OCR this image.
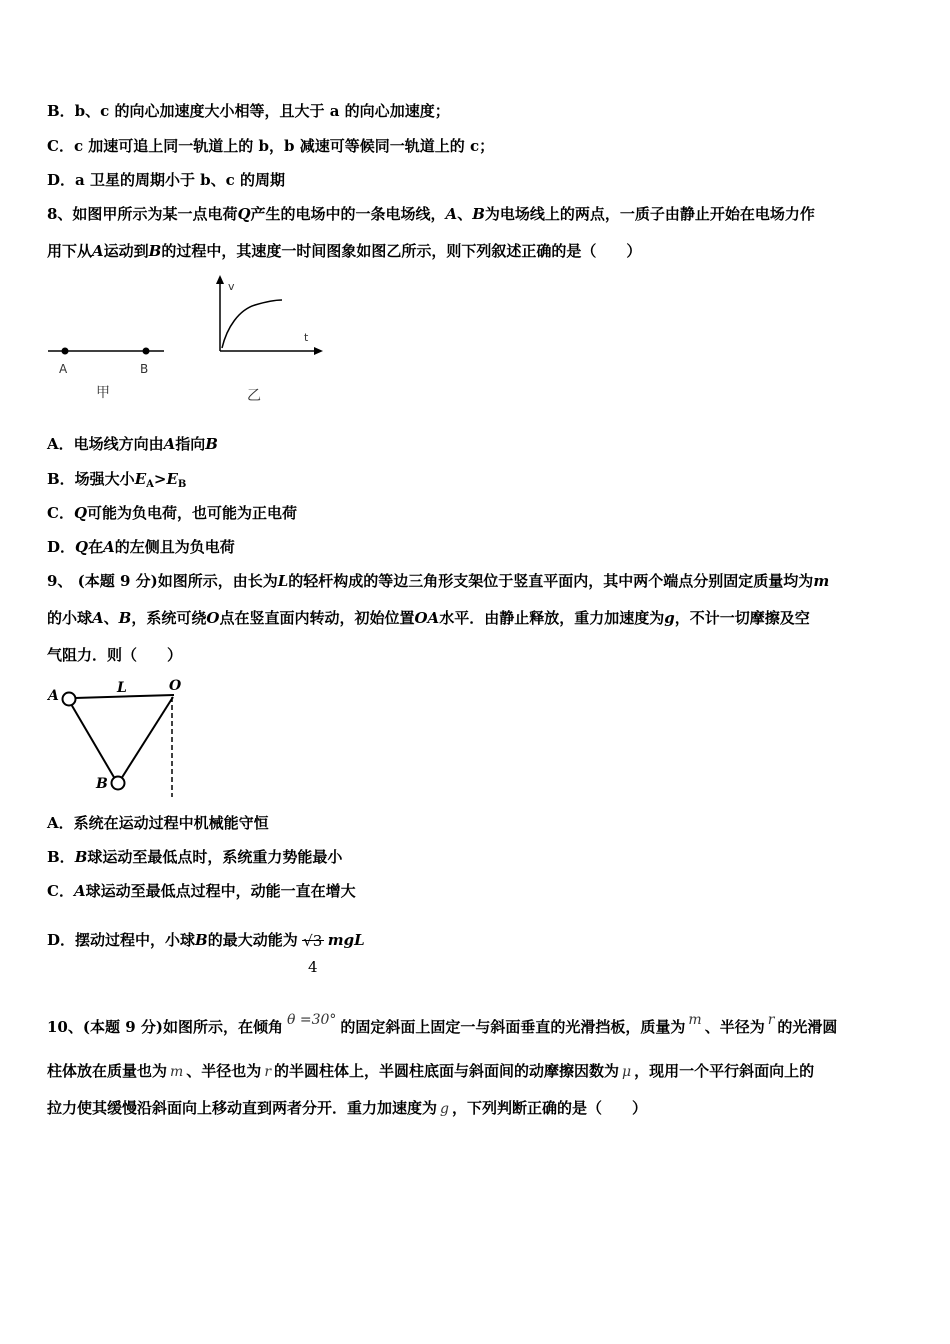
B．b、c 的向心加速度大小相等，且大于 a 的向心加速度；
C．c 加速可追上同一轨道上的 b，b 减速可等候同一轨道上的 c；
D．a 卫星的周期小于 b、c 的周期
8、如图甲所示为某一点电荷Q产生的电场中的一条电场线，A、B为电场线上的两点，一质子由静止开始在电场力作
用下从A运动到B的过程中，其速度一时间图象如图乙所示，则下列叙述正确的是（　　）
A	B
甲
v
t
乙
A．电场线方向由A指向B
B．场强大小$E_A>E_B$
C．Q可能为负电荷，也可能为正电荷
D．Q在A的左侧且为负电荷
9、 (本题 9 分)如图所示，由长为L的轻杆构成的等边三角形支架位于竖直平面内，其中两个端点分别固定质量均为m
的小球A、B，系统可绕O点在竖直面内转动，初始位置OA水平．由静止释放，重力加速度为g，不计一切摩擦及空
气阻力．则（　　）
A	L	O
B
A．系统在运动过程中机械能守恒
B．B球运动至最低点时，系统重力势能最小
C．A球运动至最低点过程中，动能一直在增大
D．摆动过程中，小球B的最大动能为 √3
4
mgL
10、(本题 9 分)如图所示，在倾角 θ =30° 的固定斜面上固定一与斜面垂直的光滑挡板，质量为 m 、半径为 r 的光滑圆
柱体放在质量也为 m 、半径也为 r 的半圆柱体上，半圆柱底面与斜面间的动摩擦因数为 μ ，现用一个平行斜面向上的
拉力使其缓慢沿斜面向上移动直到两者分开．重力加速度为 g ，下列判断正确的是（　　）
